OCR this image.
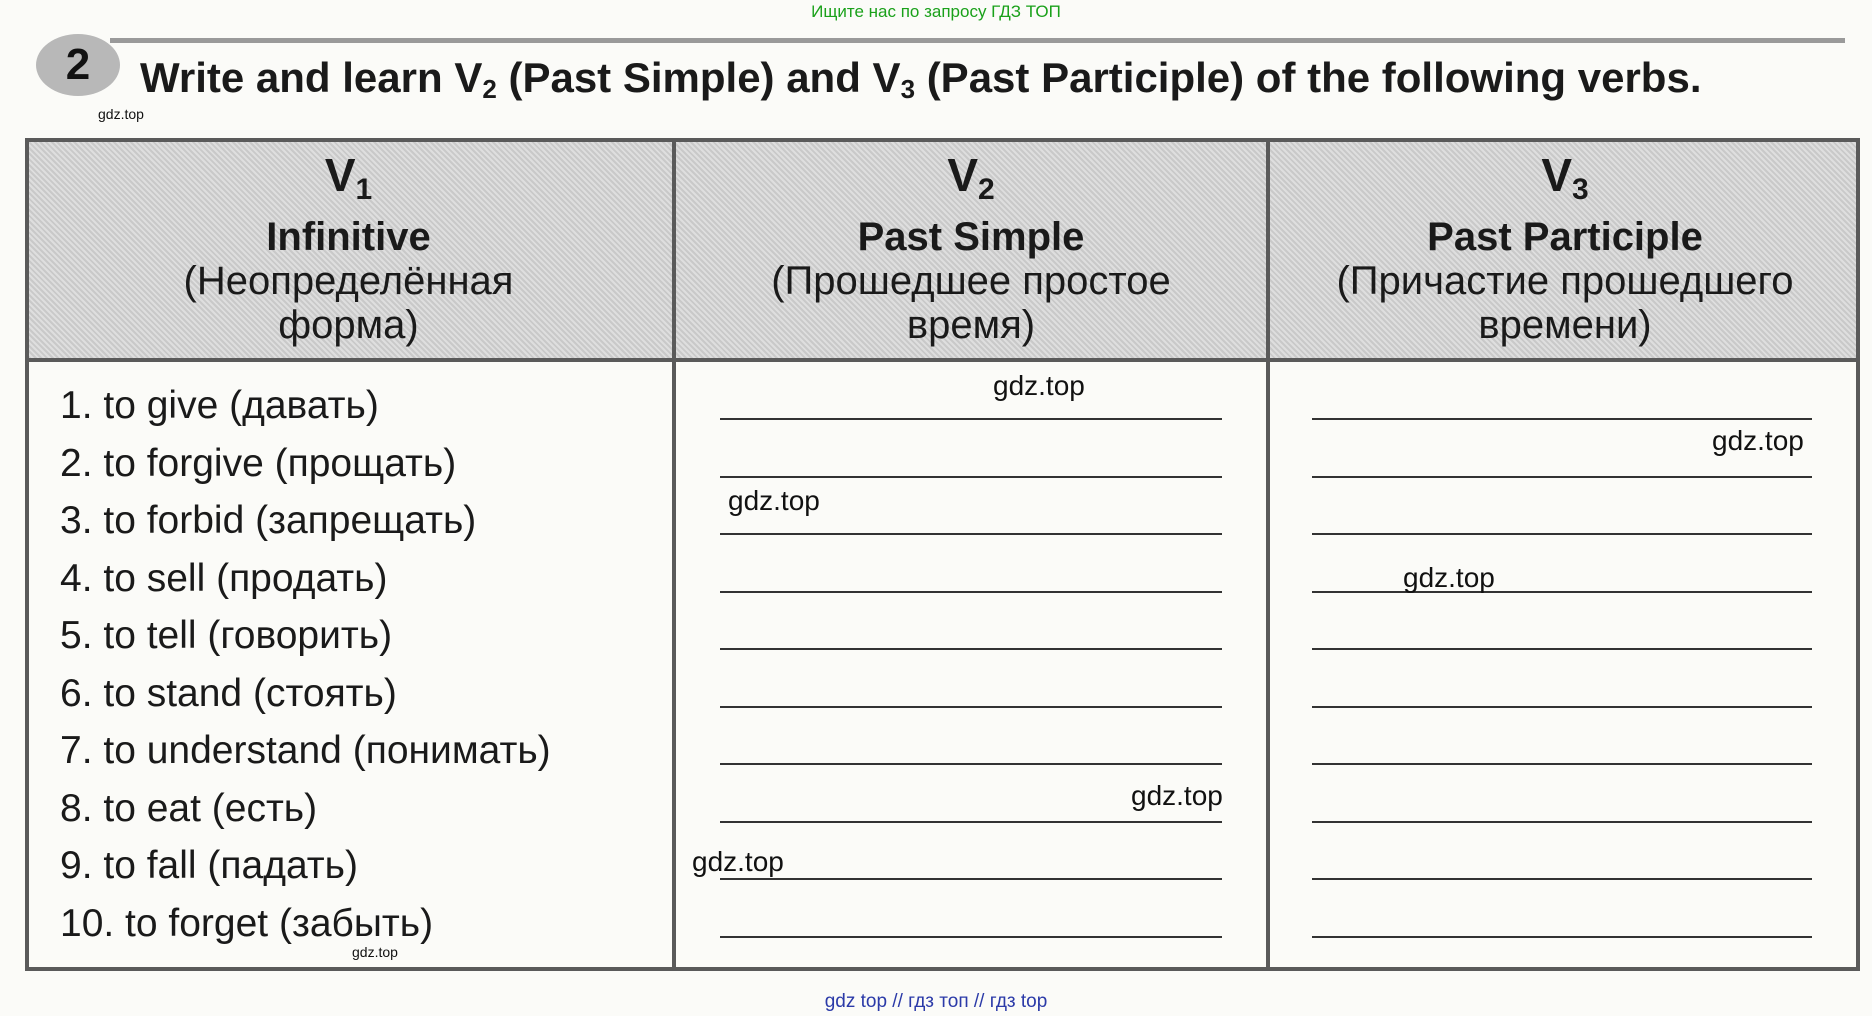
Ищите нас по запросу ГДЗ ТОП
2	Write and learn $V_2$ (Past Simple) and $V_3$ (Past Participle) of the following verbs.
gdz.top
$V_1$
Infinitive
(Неопределённая
форма)
$V_2$
Past Simple
(Прошедшее простое
время)
$V_3$
Past Participle
(Причастие прошедшего
времени)
1. to give (давать)
2. to forgive (прощать)
3. to forbid (запрещать)
4. to sell (продать)
5. to tell (говорить)
6. to stand (стоять)
7. to understand (понимать)
8. to eat (есть)
9. to fall (падать)
10. to forget (забыть)
gdz.top
gdz.top
gdz.top
gdz.top
gdz.top
gdz.top
gdz.top
gdz top // гдз топ // гдз top
